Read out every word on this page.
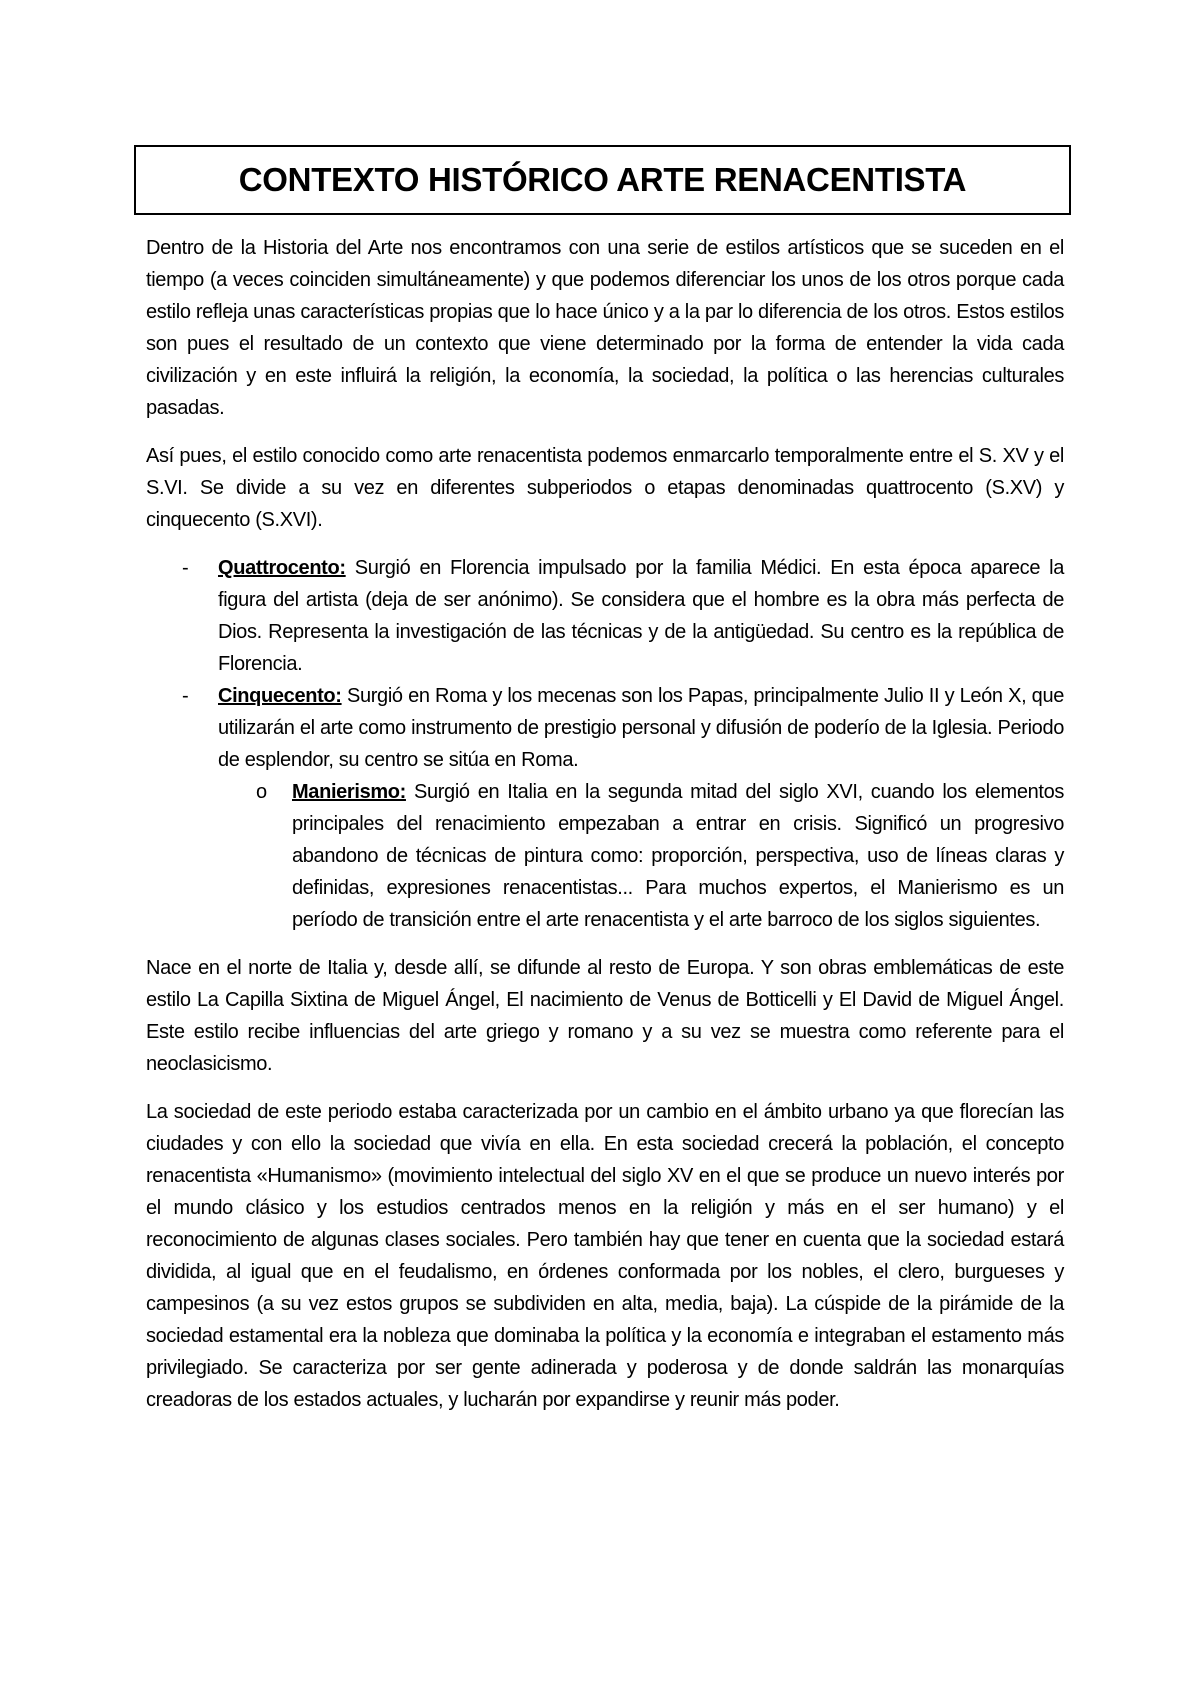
CONTEXTO HISTÓRICO ARTE RENACENTISTA

Dentro de la Historia del Arte nos encontramos con una serie de estilos artísticos que se suceden en el tiempo (a veces coinciden simultáneamente) y que podemos diferenciar los unos de los otros porque cada estilo refleja unas características propias que lo hace único y a la par lo diferencia de los otros. Estos estilos son pues el resultado de un contexto que viene determinado por la forma de entender la vida cada civilización y en este influirá la religión, la economía, la sociedad, la política o las herencias culturales pasadas.

Así pues, el estilo conocido como arte renacentista podemos enmarcarlo temporalmente entre el S. XV y el S.VI. Se divide a su vez en diferentes subperiodos o etapas denominadas quattrocento (S.XV) y cinquecento (S.XVI).

- Quattrocento: Surgió en Florencia impulsado por la familia Médici. En esta época aparece la figura del artista (deja de ser anónimo). Se considera que el hombre es la obra más perfecta de Dios. Representa la investigación de las técnicas y de la antigüedad. Su centro es la república de Florencia.
- Cinquecento: Surgió en Roma y los mecenas son los Papas, principalmente Julio II y León X, que utilizarán el arte como instrumento de prestigio personal y difusión de poderío de la Iglesia. Periodo de esplendor, su centro se sitúa en Roma.
o Manierismo: Surgió en Italia en la segunda mitad del siglo XVI, cuando los elementos principales del renacimiento empezaban a entrar en crisis. Significó un progresivo abandono de técnicas de pintura como: proporción, perspectiva, uso de líneas claras y definidas, expresiones renacentistas... Para muchos expertos, el Manierismo es un período de transición entre el arte renacentista y el arte barroco de los siglos siguientes.

Nace en el norte de Italia y, desde allí, se difunde al resto de Europa. Y son obras emblemáticas de este estilo La Capilla Sixtina de Miguel Ángel, El nacimiento de Venus de Botticelli y El David de Miguel Ángel. Este estilo recibe influencias del arte griego y romano y a su vez se muestra como referente para el neoclasicismo.

La sociedad de este periodo estaba caracterizada por un cambio en el ámbito urbano ya que florecían las ciudades y con ello la sociedad que vivía en ella. En esta sociedad crecerá la población, el concepto renacentista «Humanismo» (movimiento intelectual del siglo XV en el que se produce un nuevo interés por el mundo clásico y los estudios centrados menos en la religión y más en el ser humano) y el reconocimiento de algunas clases sociales. Pero también hay que tener en cuenta que la sociedad estará dividida, al igual que en el feudalismo, en órdenes conformada por los nobles, el clero, burgueses y campesinos (a su vez estos grupos se subdividen en alta, media, baja). La cúspide de la pirámide de la sociedad estamental era la nobleza que dominaba la política y la economía e integraban el estamento más privilegiado. Se caracteriza por ser gente adinerada y poderosa y de donde saldrán las monarquías creadoras de los estados actuales, y lucharán por expandirse y reunir más poder.
